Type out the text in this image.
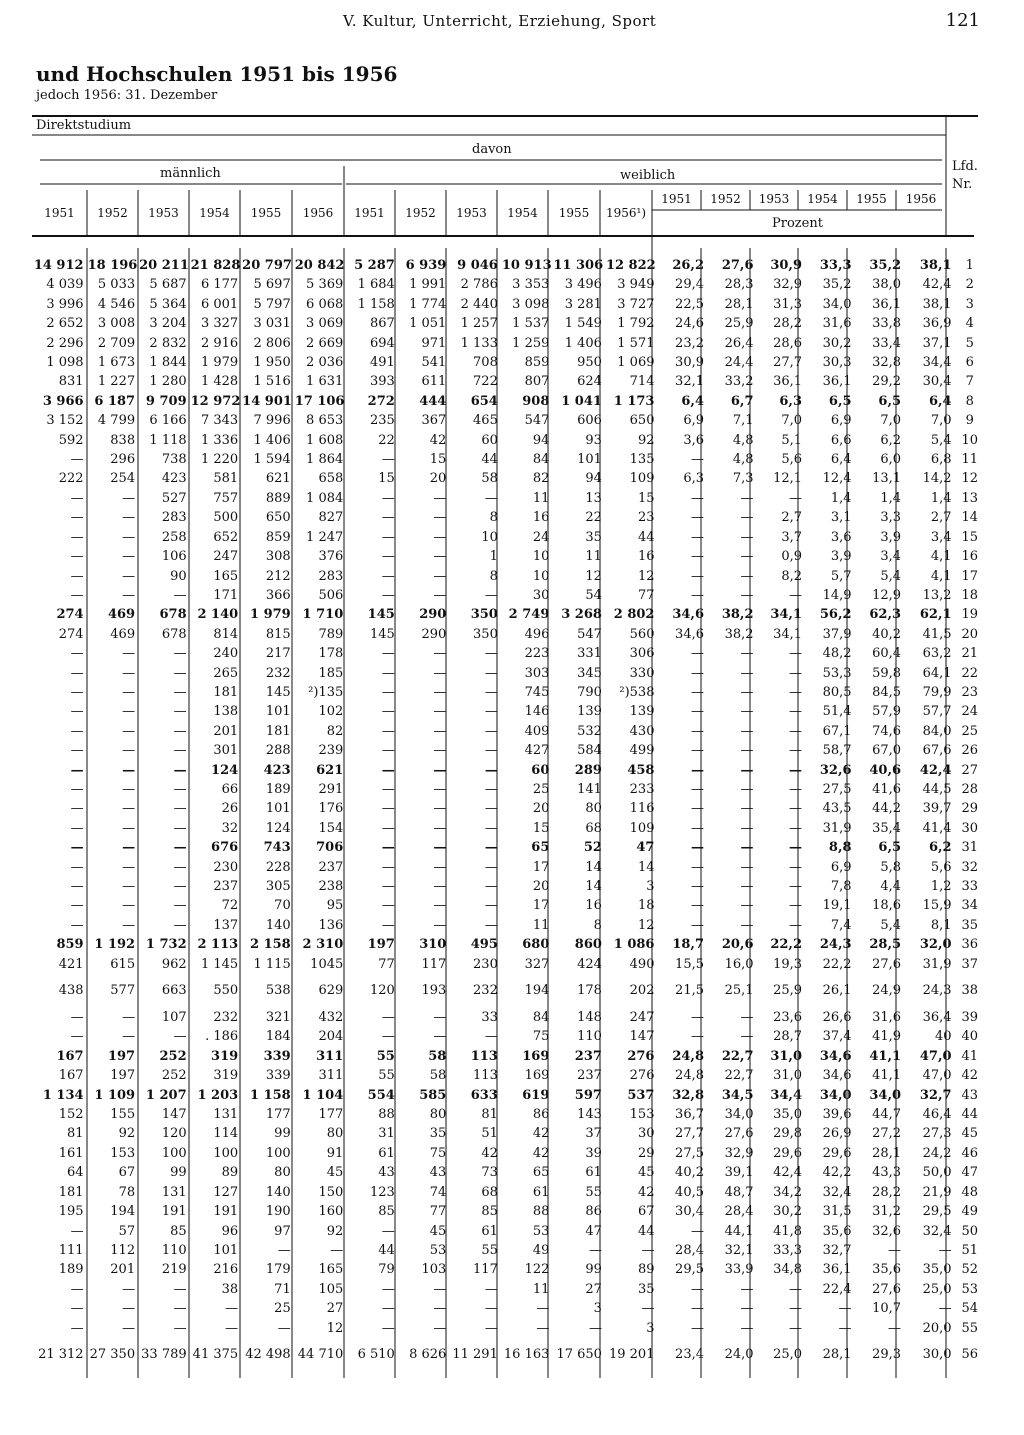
V. Kultur, Unterricht, Erziehung, Sport	121
und Hochschulen 1951 bis 1956
jedoch 1956: 31. Dezember
Direktstudium
davon
männlich	weiblich
Prozent
Lfd.
Nr.
1951	1952	1953	1954	1955	1956	1951	1952	1953	1954	1955	1956¹)
1951	1952	1953	1954	1955	1956
14 912	18 196	20 211	21 828	20 797	20 842	5 287	6 939	9 046	10 913	11 306	12 822	26,2	27,6	30,9	33,3	35,2	38,1	1
4 039	5 033	5 687	6 177	5 697	5 369	1 684	1 991	2 786	3 353	3 496	3 949	29,4	28,3	32,9	35,2	38,0	42,4	2
3 996	4 546	5 364	6 001	5 797	6 068	1 158	1 774	2 440	3 098	3 281	3 727	22,5	28,1	31,3	34,0	36,1	38,1	3
2 652	3 008	3 204	3 327	3 031	3 069	867	1 051	1 257	1 537	1 549	1 792	24,6	25,9	28,2	31,6	33,8	36,9	4
2 296	2 709	2 832	2 916	2 806	2 669	694	971	1 133	1 259	1 406	1 571	23,2	26,4	28,6	30,2	33,4	37,1	5
1 098	1 673	1 844	1 979	1 950	2 036	491	541	708	859	950	1 069	30,9	24,4	27,7	30,3	32,8	34,4	6
831	1 227	1 280	1 428	1 516	1 631	393	611	722	807	624	714	32,1	33,2	36,1	36,1	29,2	30,4	7
3 966	6 187	9 709	12 972	14 901	17 106	272	444	654	908	1 041	1 173	6,4	6,7	6,3	6,5	6,5	6,4	8
3 152	4 799	6 166	7 343	7 996	8 653	235	367	465	547	606	650	6,9	7,1	7,0	6,9	7,0	7,0	9
592	838	1 118	1 336	1 406	1 608	22	42	60	94	93	92	3,6	4,8	5,1	6,6	6,2	5,4	10
—	296	738	1 220	1 594	1 864	—	15	44	84	101	135	—	4,8	5,6	6,4	6,0	6,8	11
222	254	423	581	621	658	15	20	58	82	94	109	6,3	7,3	12,1	12,4	13,1	14,2	12
—	—	527	757	889	1 084	—	—	—	11	13	15	—	—	—	1,4	1,4	1,4	13
—	—	283	500	650	827	—	—	8	16	22	23	—	—	2,7	3,1	3,3	2,7	14
—	—	258	652	859	1 247	—	—	10	24	35	44	—	—	3,7	3,6	3,9	3,4	15
—	—	106	247	308	376	—	—	1	10	11	16	—	—	0,9	3,9	3,4	4,1	16
—	—	90	165	212	283	—	—	8	10	12	12	—	—	8,2	5,7	5,4	4,1	17
—	—	—	171	366	506	—	—	—	30	54	77	—	—	—	14,9	12,9	13,2	18
274	469	678	2 140	1 979	1 710	145	290	350	2 749	3 268	2 802	34,6	38,2	34,1	56,2	62,3	62,1	19
274	469	678	814	815	789	145	290	350	496	547	560	34,6	38,2	34,1	37,9	40,2	41,5	20
—	—	—	240	217	178	—	—	—	223	331	306	—	—	—	48,2	60,4	63,2	21
—	—	—	265	232	185	—	—	—	303	345	330	—	—	—	53,3	59,8	64,1	22
—	—	—	181	145	²)135	—	—	—	745	790	²)538	—	—	—	80,5	84,5	79,9	23
—	—	—	138	101	102	—	—	—	146	139	139	—	—	—	51,4	57,9	57,7	24
—	—	—	201	181	82	—	—	—	409	532	430	—	—	—	67,1	74,6	84,0	25
—	—	—	301	288	239	—	—	—	427	584	499	—	—	—	58,7	67,0	67,6	26
—	—	—	124	423	621	—	—	—	60	289	458	—	—	—	32,6	40,6	42,4	27
—	—	—	66	189	291	—	—	—	25	141	233	—	—	—	27,5	41,6	44,5	28
—	—	—	26	101	176	—	—	—	20	80	116	—	—	—	43,5	44,2	39,7	29
—	—	—	32	124	154	—	—	—	15	68	109	—	—	—	31,9	35,4	41,4	30
—	—	—	676	743	706	—	—	—	65	52	47	—	—	—	8,8	6,5	6,2	31
—	—	—	230	228	237	—	—	—	17	14	14	—	—	—	6,9	5,8	5,6	32
—	—	—	237	305	238	—	—	—	20	14	3	—	—	—	7,8	4,4	1,2	33
—	—	—	72	70	95	—	—	—	17	16	18	—	—	—	19,1	18,6	15,9	34
—	—	—	137	140	136	—	—	—	11	8	12	—	—	—	7,4	5,4	8,1	35
859	1 192	1 732	2 113	2 158	2 310	197	310	495	680	860	1 086	18,7	20,6	22,2	24,3	28,5	32,0	36
421	615	962	1 145	1 115	1045	77	117	230	327	424	490	15,5	16,0	19,3	22,2	27,6	31,9	37
438	577	663	550	538	629	120	193	232	194	178	202	21,5	25,1	25,9	26,1	24,9	24,3	38
—	—	107	232	321	432	—	—	33	84	148	247	—	—	23,6	26,6	31,6	36,4	39
—	—	—	. 186	184	204	—	—	—	75	110	147	—	—	28,7	37,4	41,9	40	40
167	197	252	319	339	311	55	58	113	169	237	276	24,8	22,7	31,0	34,6	41,1	47,0	41
167	197	252	319	339	311	55	58	113	169	237	276	24,8	22,7	31,0	34,6	41,1	47,0	42
1 134	1 109	1 207	1 203	1 158	1 104	554	585	633	619	597	537	32,8	34,5	34,4	34,0	34,0	32,7	43
152	155	147	131	177	177	88	80	81	86	143	153	36,7	34,0	35,0	39,6	44,7	46,4	44
81	92	120	114	99	80	31	35	51	42	37	30	27,7	27,6	29,8	26,9	27,2	27,3	45
161	153	100	100	100	91	61	75	42	42	39	29	27,5	32,9	29,6	29,6	28,1	24,2	46
64	67	99	89	80	45	43	43	73	65	61	45	40,2	39,1	42,4	42,2	43,3	50,0	47
181	78	131	127	140	150	123	74	68	61	55	42	40,5	48,7	34,2	32,4	28,2	21,9	48
195	194	191	191	190	160	85	77	85	88	86	67	30,4	28,4	30,2	31,5	31,2	29,5	49
—	57	85	96	97	92	—	45	61	53	47	44	—	44,1	41,8	35,6	32,6	32,4	50
111	112	110	101	—	—	44	53	55	49	—	—	28,4	32,1	33,3	32,7	—	—	51
189	201	219	216	179	165	79	103	117	122	99	89	29,5	33,9	34,8	36,1	35,6	35,0	52
—	—	—	38	71	105	—	—	—	11	27	35	—	—	—	22,4	27,6	25,0	53
—	—	—	—	25	27	—	—	—	—	3	—	—	—	—	—	10,7	—	54
—	—	—	—	—	12	—	—	—	—	—	3	—	—	—	—	—	20,0	55
21 312	27 350	33 789	41 375	42 498	44 710	6 510	8 626	11 291	16 163	17 650	19 201	23,4	24,0	25,0	28,1	29,3	30,0	56
